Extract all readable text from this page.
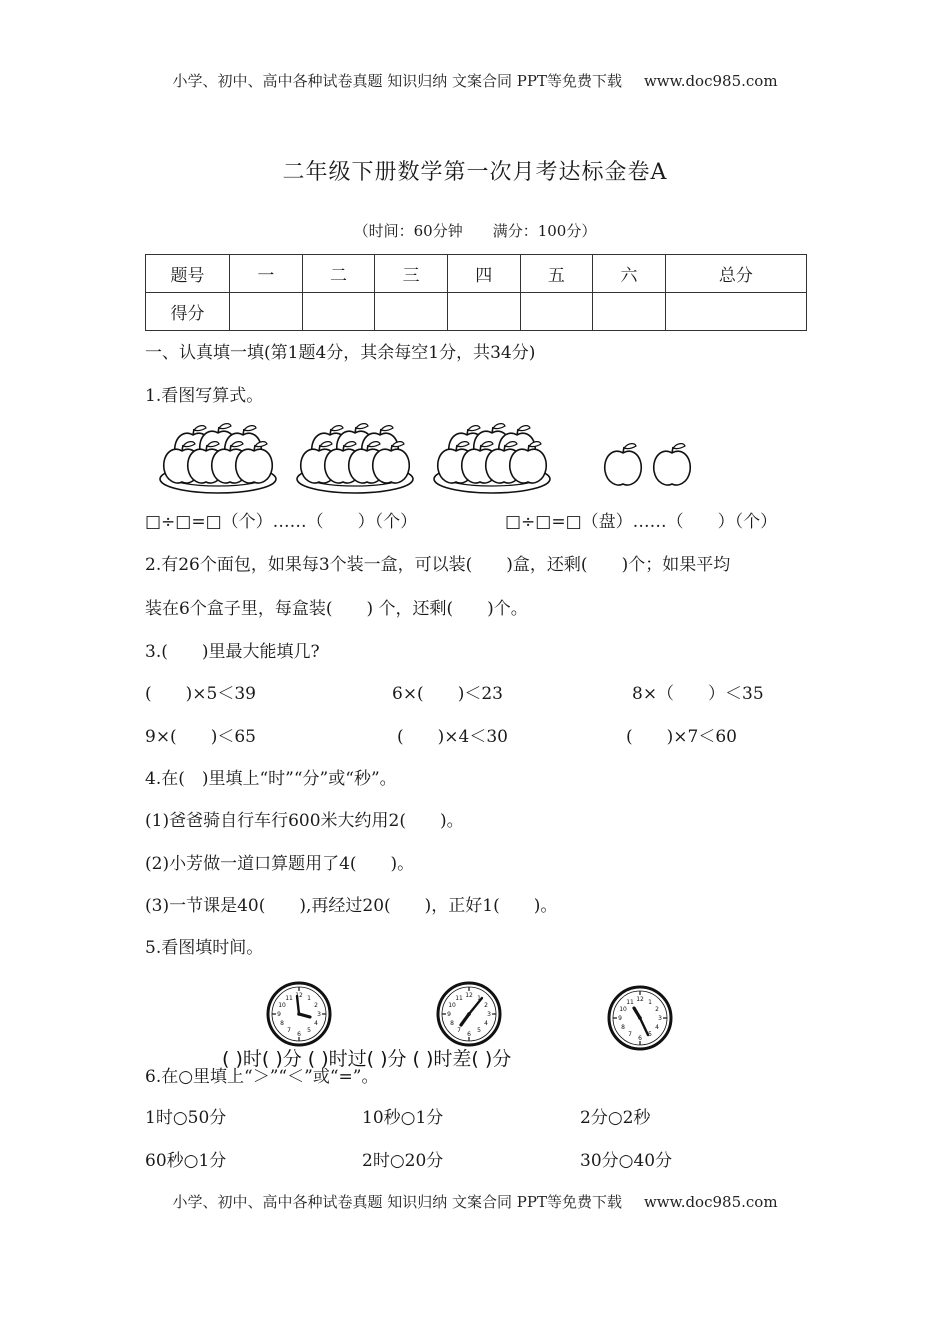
小学、初中、高中各种试卷真题 知识归纳 文案合同 PPT等免费下载 www.doc985.com
二年级下册数学第一次月考达标金卷A
（时间：60分钟 满分：100分）
题号	一	二	三	四	五	六	总分
得分							
一、认真填一填(第1题4分，其余每空1分，共34分)
1.看图写算式。
□÷□=□（个）……（　　）（个）	□÷□=□（盘）……（　　）（个）
2.有26个面包，如果每3个装一盒，可以装(　　)盒，还剩(　　)个；如果平均
装在6个盒子里，每盒装(　　) 个，还剩(　　)个。
3.(　　)里最大能填几?
(　　)×5＜39	6×(　　)＜23	8×（　　）＜35
9×(　　)＜65	(　　)×4＜30	(　　)×7＜60
4.在(　)里填上“时”“分”或“秒”。
(1)爸爸骑自行车行600米大约用2(　　)。
(2)小芳做一道口算题用了4(　　)。
(3)一节课是40(　　),再经过20(　　)，正好1(　　)。
5.看图填时间。
12 1
2
3
4
5
6
7
8
9
10
11
6.在○里填上“＞”“＜”或“=”。
( )时( )分 ( )时过( )分 ( )时差( )分
1时○50分	10秒○1分	2分○2秒
60秒○1分	2时○20分	30分○40分
小学、初中、高中各种试卷真题 知识归纳 文案合同 PPT等免费下载 www.doc985.com
